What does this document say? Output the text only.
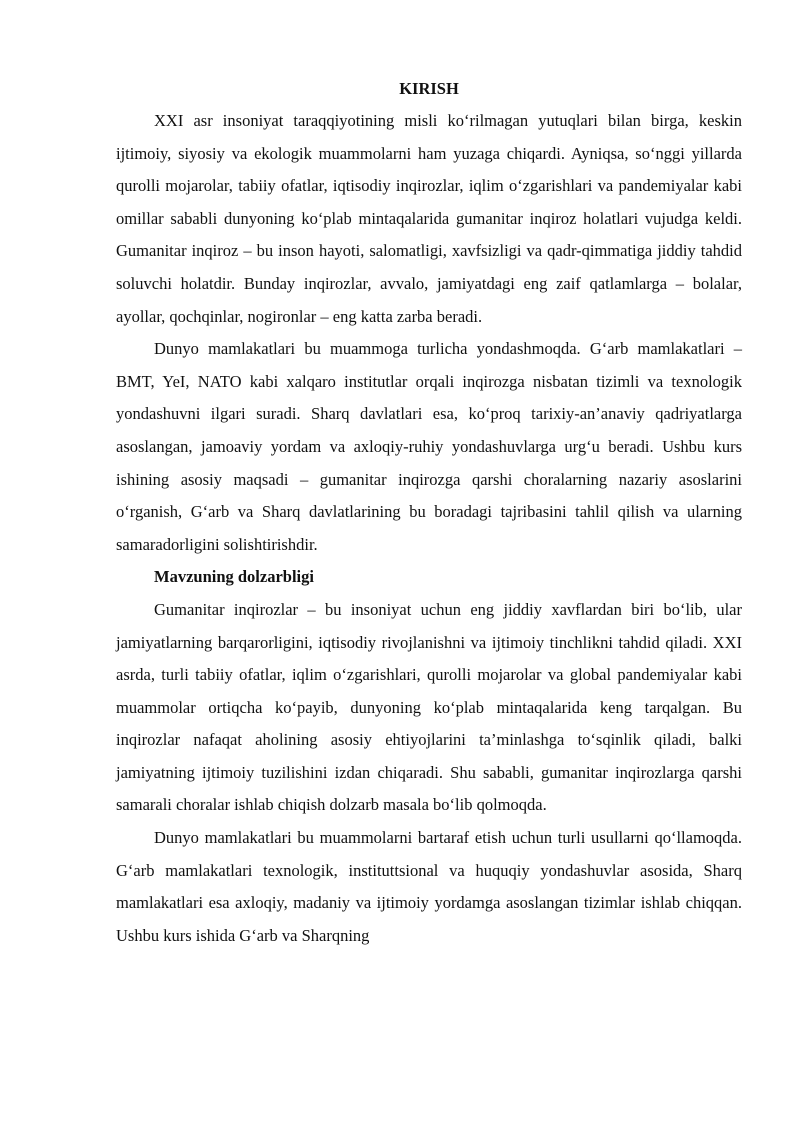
KIRISH

XXI asr insoniyat taraqqiyotining misli ko‘rilmagan yutuqlari bilan birga, keskin ijtimoiy, siyosiy va ekologik muammolarni ham yuzaga chiqardi. Ayniqsa, so‘nggi yillarda qurolli mojarolar, tabiiy ofatlar, iqtisodiy inqirozlar, iqlim o‘zgarishlari va pandemiyalar kabi omillar sababli dunyoning ko‘plab mintaqalarida gumanitar inqiroz holatlari vujudga keldi. Gumanitar inqiroz – bu inson hayoti, salomatligi, xavfsizligi va qadr-qimmatiga jiddiy tahdid soluvchi holatdir. Bunday inqirozlar, avvalo, jamiyatdagi eng zaif qatlamlarga – bolalar, ayollar, qochqinlar, nogironlar – eng katta zarba beradi.

Dunyo mamlakatlari bu muammoga turlicha yondashmoqda. G‘arb mamlakatlari – BMT, YeI, NATO kabi xalqaro institutlar orqali inqirozga nisbatan tizimli va texnologik yondashuvni ilgari suradi. Sharq davlatlari esa, ko‘proq tarixiy-an’anaviy qadriyatlarga asoslangan, jamoaviy yordam va axloqiy-ruhiy yondashuvlarga urg‘u beradi. Ushbu kurs ishining asosiy maqsadi – gumanitar inqirozga qarshi choralarning nazariy asoslarini o‘rganish, G‘arb va Sharq davlatlarining bu boradagi tajribasini tahlil qilish va ularning samaradorligini solishtirishdir.

Mavzuning dolzarbligi

Gumanitar inqirozlar – bu insoniyat uchun eng jiddiy xavflardan biri bo‘lib, ular jamiyatlarning barqarorligini, iqtisodiy rivojlanishni va ijtimoiy tinchlikni tahdid qiladi. XXI asrda, turli tabiiy ofatlar, iqlim o‘zgarishlari, qurolli mojarolar va global pandemiyalar kabi muammolar ortiqcha ko‘payib, dunyoning ko‘plab mintaqalarida keng tarqalgan. Bu inqirozlar nafaqat aholining asosiy ehtiyojlarini ta’minlashga to‘sqinlik qiladi, balki jamiyatning ijtimoiy tuzilishini izdan chiqaradi. Shu sababli, gumanitar inqirozlarga qarshi samarali choralar ishlab chiqish dolzarb masala bo‘lib qolmoqda.

Dunyo mamlakatlari bu muammolarni bartaraf etish uchun turli usullarni qo‘llamoqda. G‘arb mamlakatlari texnologik, instituttsional va huquqiy yondashuvlar asosida, Sharq mamlakatlari esa axloqiy, madaniy va ijtimoiy yordamga asoslangan tizimlar ishlab chiqqan. Ushbu kurs ishida G‘arb va Sharqning
